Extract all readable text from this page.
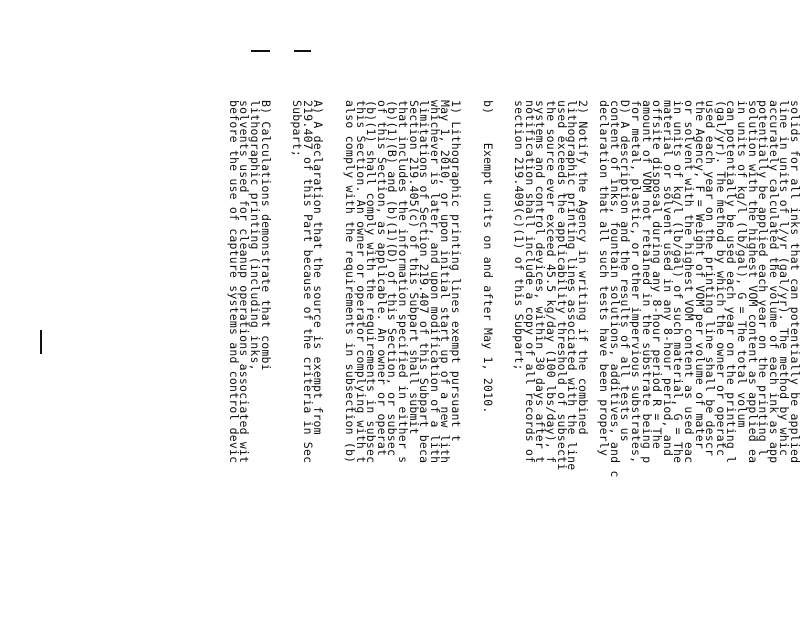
solids for all inks that can potentially be applied
line in units of l/yr (gal/yr). The method by whic
accurately calculated the volume of each ink as app
potentially be applied each year on the printing l
solution with the highest VOM content as applied ea
in units of kg/l (lb/gal), G = The total volum
can potentially be used each year on the printing l
(gal/yr). The method by which the owner or operatc
used each year on the printing line shall be descr
the Agency, F = Weight of VOM per volume of mater
or solvent with the highest VOM content as used eac
in units of kg/l (lb/gal) of such material, G = The
material or solvent used in any 8-hour period, and
offsite disposal during any 8-hour period R = The
amount of VOM not retained in the substrate being p
for metal, plastic, or other impervious substrates,
D) A description and the results of all tests us
content of inks, fountain solutions, additives, and c
declaration that all such tests have been properly
2) Notify the Agency in writing if the combined
lithographic printing lines associated with the line
used exceeds the applicability threshold of subsecti
the source ever exceed 45.5 kg/day (100 lbs/day), f
systems and control devices, within 30 days after t
notification shall include a copy of all records of
section 219.409(c)(1) of this Subpart;
b)    Exempt units on and after May 1, 2010.
1) Lithographic printing lines exempt pursuant t
May 1, 2010, or upon initial start up of a new lith
whichever is later, and upon modification of a lith
limitations of Section 219.407 of this Subpart beca
Section 219.405(c) of this Subpart shall submit
that includes the information specified in either s
(b)(1)(B) and (b)(1)(D) of this Section, or subsec
of this Section, as applicable. An owner or operat
(b)(1) shall comply with the requirements in subsec
this Section. An owner or operator complying with t
also comply with the requirements in subsection (b)
A) A declaration that the source is exempt from
219.407 of this Part because of the criteria in Sec
Subpart;
B) Calculations demonstrate that combi
lithographic printing (including inks,
solvents used for cleanup operations associated wit
before the use of capture systems and control devic
